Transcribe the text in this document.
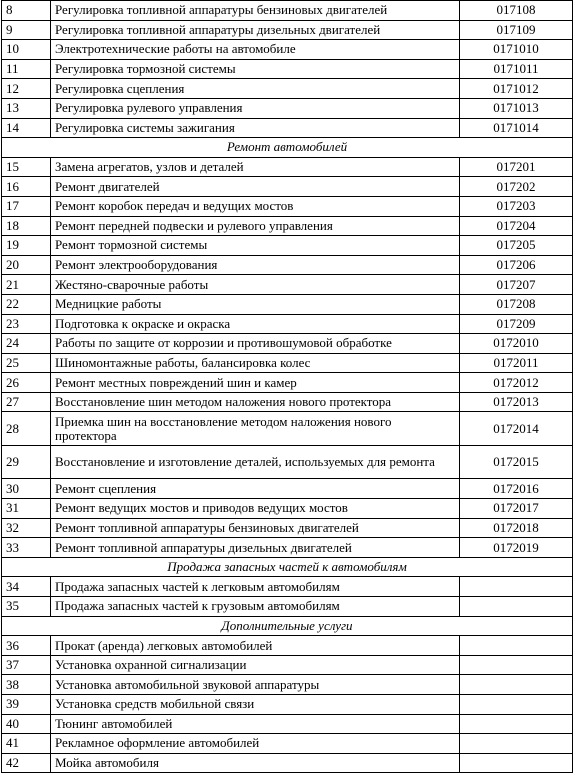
8	Регулировка топливной аппаратуры бензиновых двигателей	017108
9	Регулировка топливной аппаратуры дизельных двигателей	017109
10	Электротехнические работы на автомобиле	0171010
11	Регулировка тормозной системы	0171011
12	Регулировка сцепления	0171012
13	Регулировка рулевого управления	0171013
14	Регулировка системы зажигания	0171014
Ремонт автомобилей		
15	Замена агрегатов, узлов и деталей	017201
16	Ремонт двигателей	017202
17	Ремонт коробок передач и ведущих мостов	017203
18	Ремонт передней подвески и рулевого управления	017204
19	Ремонт тормозной системы	017205
20	Ремонт электрооборудования	017206
21	Жестяно-сварочные работы	017207
22	Медницкие работы	017208
23	Подготовка к окраске и окраска	017209
24	Работы по защите от коррозии и противошумовой обработке	0172010
25	Шиномонтажные работы, балансировка колес	0172011
26	Ремонт местных повреждений шин и камер	0172012
27	Восстановление шин методом наложения нового протектора	0172013
28	Приемка шин на восстановление методом наложения нового протектора	0172014
29	Восстановление и изготовление деталей, используемых для ремонта	0172015
30	Ремонт сцепления	0172016
31	Ремонт ведущих мостов и приводов ведущих мостов	0172017
32	Ремонт топливной аппаратуры бензиновых двигателей	0172018
33	Ремонт топливной аппаратуры дизельных двигателей	0172019
Продажа запасных частей к автомобилям		
34	Продажа запасных частей к легковым автомобилям	
35	Продажа запасных частей к грузовым автомобилям	
Дополнительные услуги		
36	Прокат (аренда) легковых автомобилей	
37	Установка охранной сигнализации	
38	Установка автомобильной звуковой аппаратуры	
39	Установка средств мобильной связи	
40	Тюнинг автомобилей	
41	Рекламное оформление автомобилей	
42	Мойка автомобиля	
